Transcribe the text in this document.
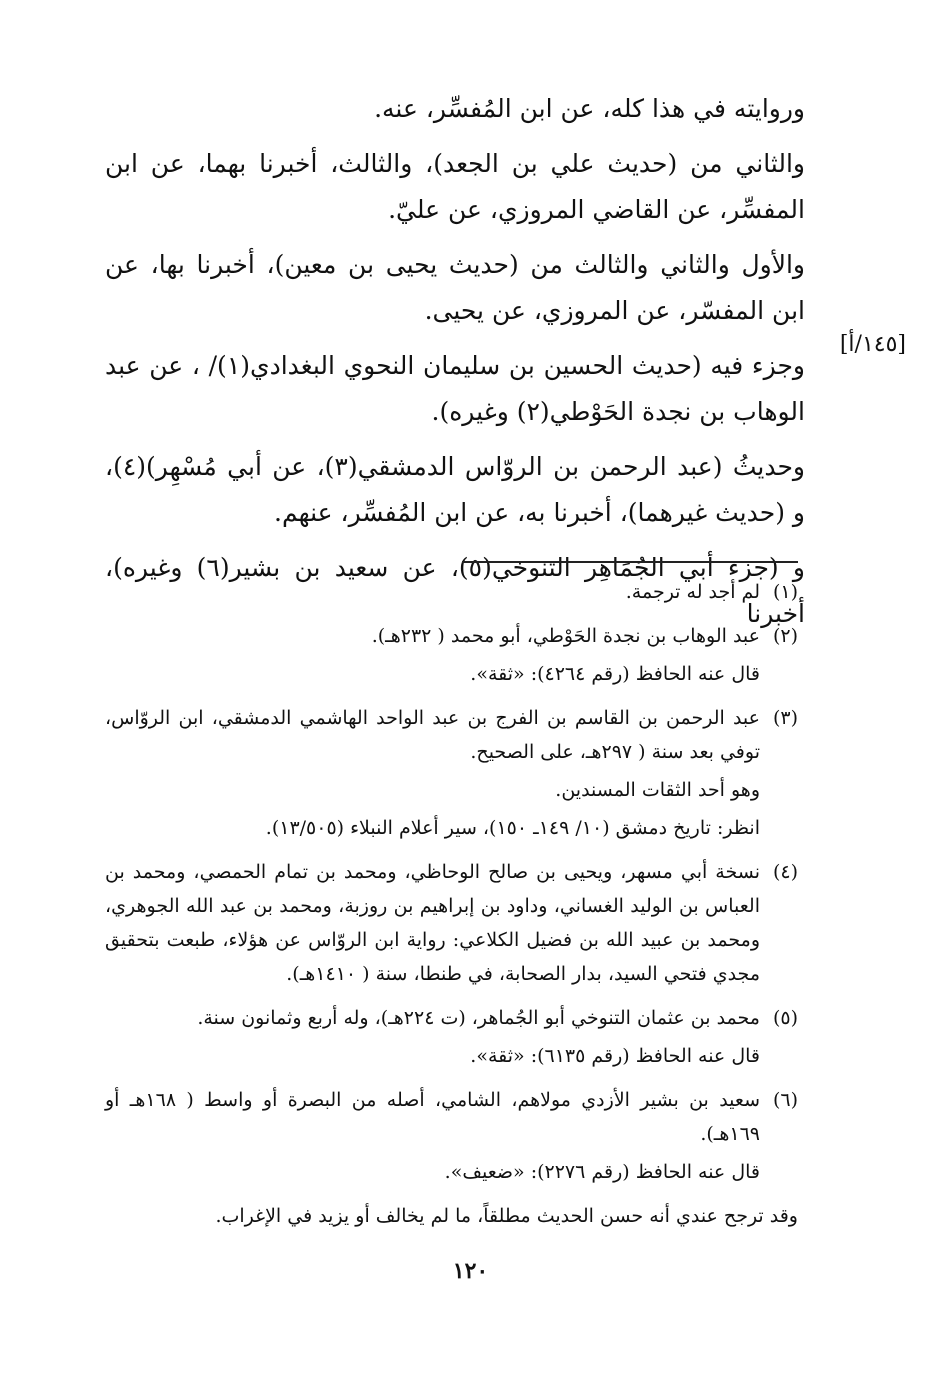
وروايته في هذا كله، عن ابن المُفسِّر، عنه.

والثاني من (حديث علي بن الجعد)، والثالث، أخبرنا بهما، عن ابن المفسِّر، عن القاضي المروزي، عن عليّ.

والأول والثاني والثالث من (حديث يحيى بن معين)، أخبرنا بها، عن ابن المفسّر، عن المروزي، عن يحيى.

وجزء فيه (حديث الحسين بن سليمان النحوي البغدادي(١)/ ، عن عبد الوهاب بن نجدة الحَوْطي(٢) وغيره).

وحديثُ (عبد الرحمن بن الروّاس الدمشقي(٣)، عن أبي مُسْهِر)(٤)، و (حديث غيرهما)، أخبرنا به، عن ابن المُفسِّر، عنهم.

و (جزء أبي الجُمَاهِر التنوخي(٥)، عن سعيد بن بشير(٦) وغيره)، أخبرنا

[١٤٥/أ]
(١)

لم أجد له ترجمة.

(٢)

عبد الوهاب بن نجدة الحَوْطي، أبو محمد ( ٢٣٢هـ).

قال عنه الحافظ (رقم ٤٢٦٤): «ثقة».

(٣)

عبد الرحمن بن القاسم بن الفرج بن عبد الواحد الهاشمي الدمشقي، ابن الروّاس، توفي بعد سنة ( ٢٩٧هـ، على الصحيح.

وهو أحد الثقات المسندين.

انظر: تاريخ دمشق (١٠/ ١٤٩ـ ١٥٠)، سير أعلام النبلاء (١٣/٥٠٥).

(٤)

نسخة أبي مسهر، ويحيى بن صالح الوحاظي، ومحمد بن تمام الحمصي، ومحمد بن العباس بن الوليد الغساني، وداود بن إبراهيم بن روزبة، ومحمد بن عبد الله الجوهري، ومحمد بن عبيد الله بن فضيل الكلاعي: رواية ابن الروّاس عن هؤلاء، طبعت بتحقيق مجدي فتحي السيد، بدار الصحابة، في طنطا، سنة ( ١٤١٠هـ).

(٥)

محمد بن عثمان التنوخي أبو الجُماهر، (ت ٢٢٤هـ)، وله أربع وثمانون سنة.

قال عنه الحافظ (رقم ٦١٣٥): «ثقة».

(٦)

سعيد بن بشير الأزدي مولاهم، الشامي، أصله من البصرة أو واسط ( ١٦٨هـ أو ١٦٩هـ).

قال عنه الحافظ (رقم ٢٢٧٦): «ضعيف».

وقد ترجح عندي أنه حسن الحديث مطلقاً، ما لم يخالف أو يزيد في الإغراب.

١٢٠
